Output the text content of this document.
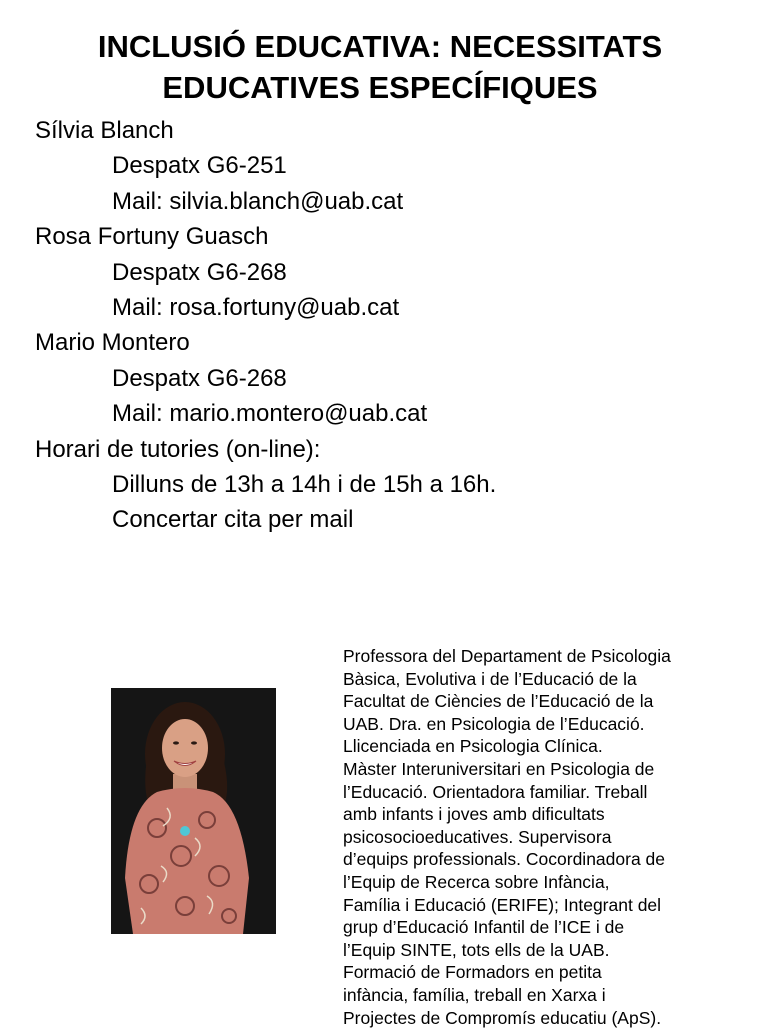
INCLUSIÓ EDUCATIVA: NECESSITATS
EDUCATIVES ESPECÍFIQUES
Sílvia Blanch
Despatx G6-251
Mail: silvia.blanch@uab.cat
Rosa Fortuny Guasch
Despatx G6-268
Mail: rosa.fortuny@uab.cat
Mario Montero
Despatx G6-268
Mail: mario.montero@uab.cat
Horari de tutories (on-line):
Dilluns de 13h a 14h i de 15h a 16h.
Concertar cita per mail
Professora del Departament de Psicologia
Bàsica, Evolutiva i de l’Educació de la
Facultat de Ciències de l’Educació de la
UAB. Dra. en Psicologia de l’Educació.
Llicenciada en Psicologia Clínica.
Màster Interuniversitari en Psicologia de
l’Educació. Orientadora familiar. Treball
amb infants i joves amb dificultats
psicosocioeducatives. Supervisora
d’equips professionals. Cocordinadora de
l’Equip de Recerca sobre Infància,
Família i Educació (ERIFE); Integrant del
grup d’Educació Infantil de l’ICE i de
l’Equip SINTE, tots ells de la UAB.
Formació de Formadors en petita
infància, família, treball en Xarxa i
Projectes de Compromís educatiu (ApS).
